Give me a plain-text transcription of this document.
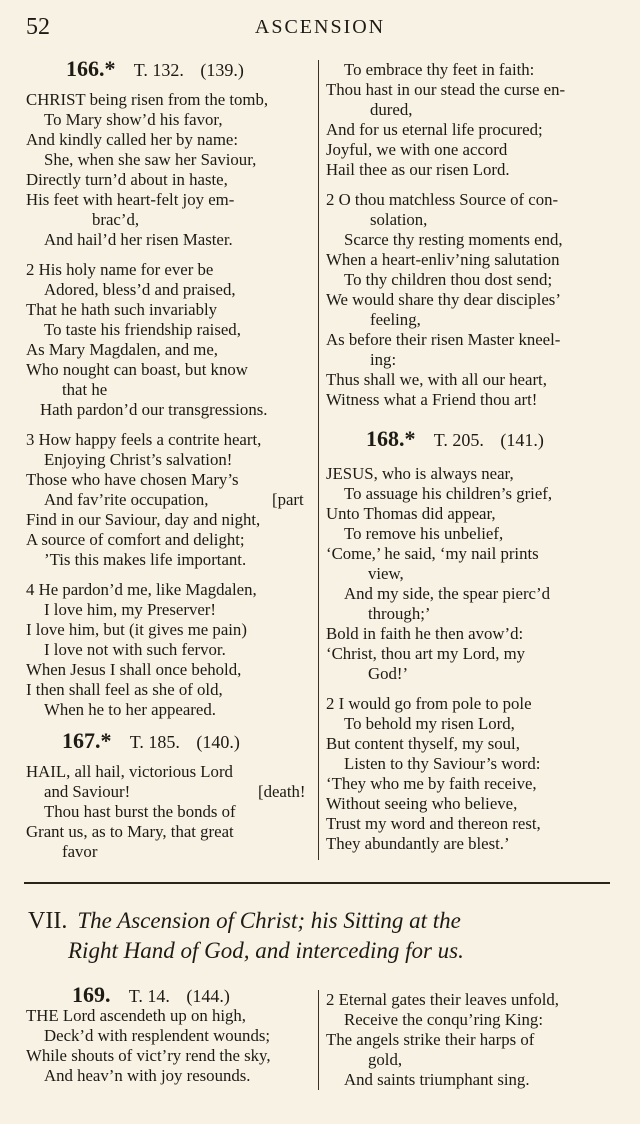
52	ASCENSION
166.* T. 132. (139.)
CHRIST being risen from the tomb,
To Mary show’d his favor,
And kindly called her by name:
She, when she saw her Saviour,
Directly turn’d about in haste,
His feet with heart-felt joy em-
brac’d,
And hail’d her risen Master.
2 His holy name for ever be
Adored, bless’d and praised,
That he hath such invariably
To taste his friendship raised,
As Mary Magdalen, and me,
Who nought can boast, but know
that he
Hath pardon’d our transgressions.
3 How happy feels a contrite heart,
Enjoying Christ’s salvation!
Those who have chosen Mary’s
And fav’rite occupation,	[part
Find in our Saviour, day and night,
A source of comfort and delight;
’Tis this makes life important.
4 He pardon’d me, like Magdalen,
I love him, my Preserver!
I love him, but (it gives me pain)
I love not with such fervor.
When Jesus I shall once behold,
I then shall feel as she of old,
When he to her appeared.
167.* T. 185. (140.)
HAIL, all hail, victorious Lord
and Saviour!	[death!
Thou hast burst the bonds of
Grant us, as to Mary, that great
favor
To embrace thy feet in faith:
Thou hast in our stead the curse en-
dured,
And for us eternal life procured;
Joyful, we with one accord
Hail thee as our risen Lord.
2 O thou matchless Source of con-
solation,
Scarce thy resting moments end,
When a heart-enliv’ning salutation
To thy children thou dost send;
We would share thy dear disciples’
feeling,
As before their risen Master kneel-
ing:
Thus shall we, with all our heart,
Witness what a Friend thou art!
168.* T. 205. (141.)
JESUS, who is always near,
To assuage his children’s grief,
Unto Thomas did appear,
To remove his unbelief,
‘Come,’ he said, ‘my nail prints
view,
And my side, the spear pierc’d
through;’
Bold in faith he then avow’d:
‘Christ, thou art my Lord, my
God!’
2 I would go from pole to pole
To behold my risen Lord,
But content thyself, my soul,
Listen to thy Saviour’s word:
‘They who me by faith receive,
Without seeing who believe,
Trust my word and thereon rest,
They abundantly are blest.’
VII. The Ascension of Christ; his Sitting at the
Right Hand of God, and interceding for us.
169. T. 14. (144.)
THE Lord ascendeth up on high,
Deck’d with resplendent wounds;
While shouts of vict’ry rend the sky,
And heav’n with joy resounds.
2 Eternal gates their leaves unfold,
Receive the conqu’ring King:
The angels strike their harps of
gold,
And saints triumphant sing.
